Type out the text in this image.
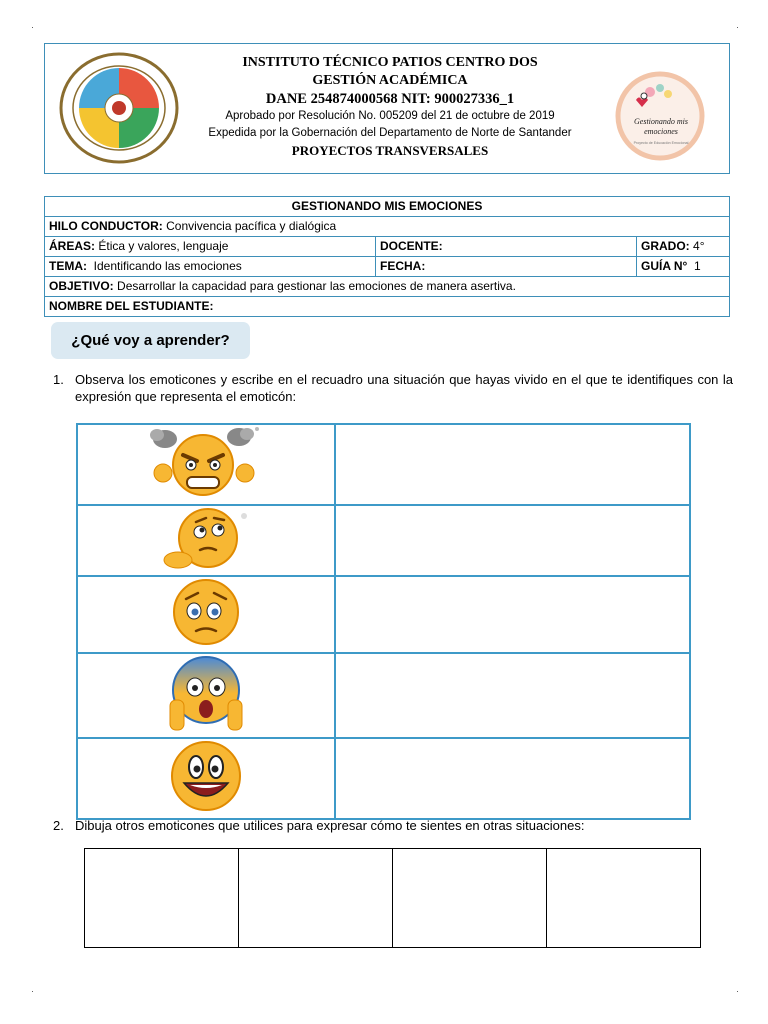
·	·
·	·
INSTITUTO TÉCNICO PATIOS CENTRO DOS
GESTIÓN ACADÉMICA
DANE 254874000568 NIT: 900027336_1
Aprobado por Resolución No. 005209 del 21 de octubre de 2019
Expedida por la Gobernación del Departamento de Norte de Santander
PROYECTOS TRANSVERSALES
Gestionando mis
emociones
Proyecto de Educación Emocional
GESTIONANDO MIS EMOCIONES		
HILO CONDUCTOR: Convivencia pacífica y dialógica		
ÁREAS: Ética y valores, lenguaje	DOCENTE:	GRADO: 4°
TEMA: Identificando las emociones	FECHA:	GUÍA N° 1
OBJETIVO: Desarrollar la capacidad para gestionar las emociones de manera asertiva.		
NOMBRE DEL ESTUDIANTE:		
¿Qué voy a aprender?
1. Observa los emoticones y escribe en el recuadro una situación que hayas vivido en el que te identifiques con la expresión que representa el emoticón:

2. Dibuja otros emoticones que utilices para expresar cómo te sientes en otras situaciones:
